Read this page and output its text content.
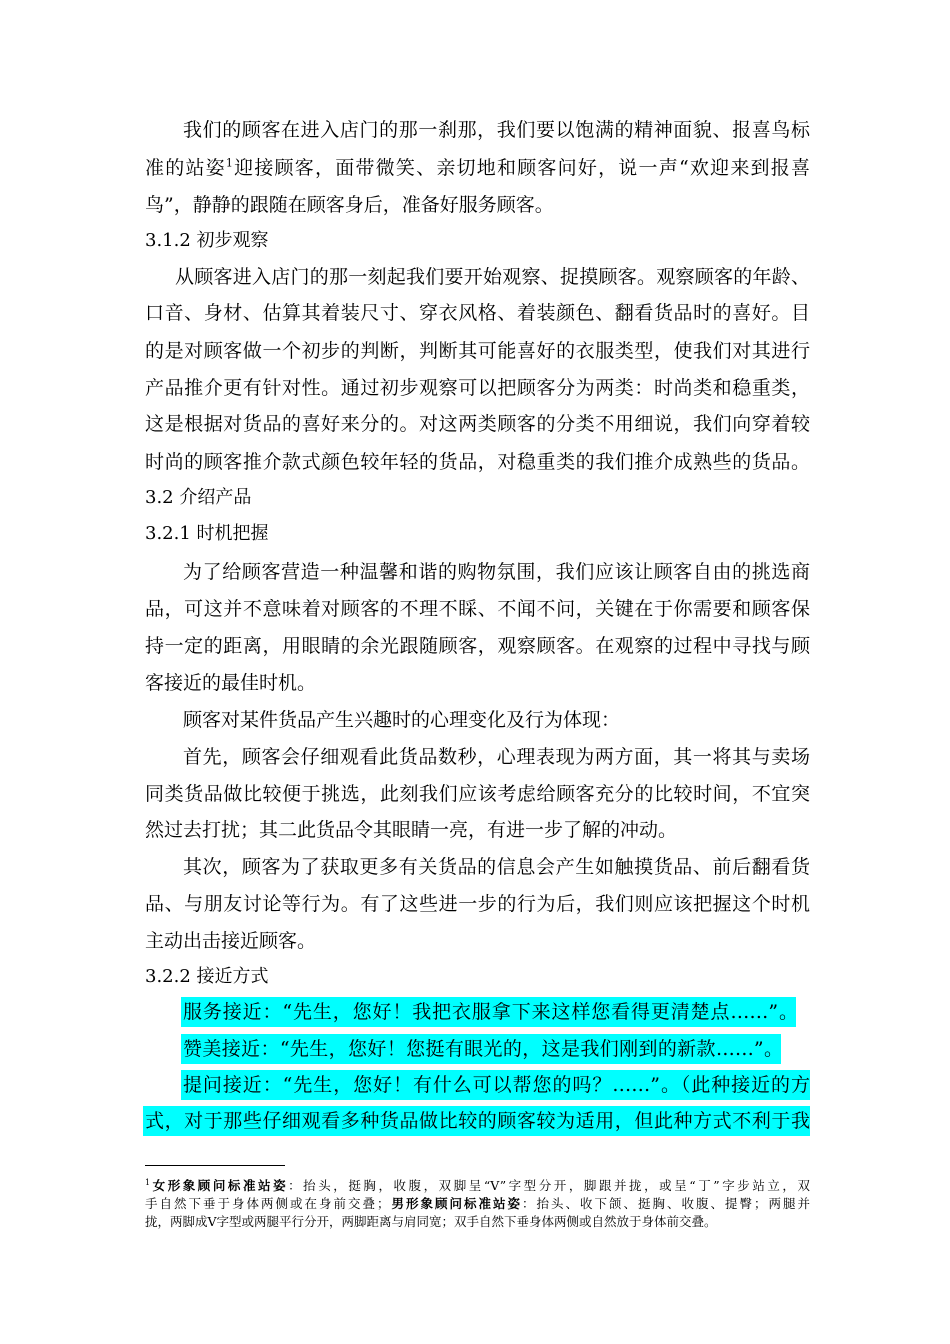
我们的顾客在进入店门的那一刹那，我们要以饱满的精神面貌、报喜鸟标
准的站姿$^1$迎接顾客，面带微笑、亲切地和顾客问好，说一声“欢迎来到报喜
鸟”，静静的跟随在顾客身后，准备好服务顾客。
3.1.2 初步观察
从顾客进入店门的那一刻起我们要开始观察、捉摸顾客。观察顾客的年龄、
口音、身材、估算其着装尺寸、穿衣风格、着装颜色、翻看货品时的喜好。目
的是对顾客做一个初步的判断，判断其可能喜好的衣服类型，使我们对其进行
产品推介更有针对性。通过初步观察可以把顾客分为两类：时尚类和稳重类，
这是根据对货品的喜好来分的。对这两类顾客的分类不用细说，我们向穿着较
时尚的顾客推介款式颜色较年轻的货品，对稳重类的我们推介成熟些的货品。
3.2 介绍产品
3.2.1 时机把握
为了给顾客营造一种温馨和谐的购物氛围，我们应该让顾客自由的挑选商
品，可这并不意味着对顾客的不理不睬、不闻不问，关键在于你需要和顾客保
持一定的距离，用眼睛的余光跟随顾客，观察顾客。在观察的过程中寻找与顾
客接近的最佳时机。
顾客对某件货品产生兴趣时的心理变化及行为体现：
首先，顾客会仔细观看此货品数秒，心理表现为两方面，其一将其与卖场
同类货品做比较便于挑选，此刻我们应该考虑给顾客充分的比较时间，不宜突
然过去打扰；其二此货品令其眼睛一亮，有进一步了解的冲动。
其次，顾客为了获取更多有关货品的信息会产生如触摸货品、前后翻看货
品、与朋友讨论等行为。有了这些进一步的行为后，我们则应该把握这个时机
主动出击接近顾客。
3.2.2 接近方式
服务接近：“先生，您好！我把衣服拿下来这样您看得更清楚点……”。
赞美接近：“先生，您好！您挺有眼光的，这是我们刚到的新款……”。
提问接近：“先生，您好！有什么可以帮您的吗？……”。（此种接近的方
式，对于那些仔细观看多种货品做比较的顾客较为适用，但此种方式不利于我
$^1$女形象顾问标准站姿：抬头，挺胸，收腹，双脚呈“V”字型分开，脚跟并拢，或呈“丁”字步站立，双
手自然下垂于身体两侧或在身前交叠；男形象顾问标准站姿：抬头、收下颌、挺胸、收腹、提臀；两腿并
拢，两脚成V字型或两腿平行分开，两脚距离与肩同宽；双手自然下垂身体两侧或自然放于身体前交叠。
